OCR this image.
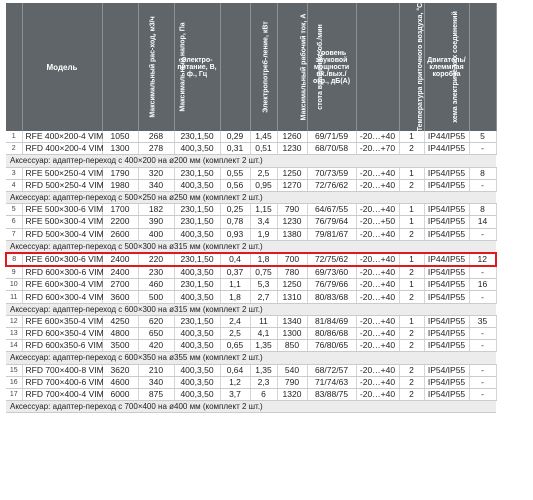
	Модель	Максимальный рас-ход, м3/ч	Максимальный напор, Па	Электро-питание, В, ф., Гц	Электропотреб-ление, кВт	Максимальный рабочий ток, А	стота вращения, об./мин	Уровень звуковой мощности вх./вых./окр., дБ(А)	Температура приточного воздуха, °С	хема электриче-ких соединений	Двигатель/клеммная коробка	Конденсатор, мкф
1	RFE 400×200-4 VIM	1050	268	230,1,50	0,29	1,45	1260	69/71/59	-20…+40	1	IP44/IP55	5
2	RFD 400×200-4 VIM	1300	278	400,3,50	0,31	0,51	1230	68/70/58	-20…+70	2	IP44/IP55	-
Аксессуар: адаптер-переход с 400×200 на ø200 мм (комплект 2 шт.)												
3	RFE 500×250-4 VIM	1790	320	230,1,50	0,55	2,5	1250	70/73/59	-20…+40	1	IP54/IP55	8
4	RFD 500×250-4 VIM	1980	340	400,3,50	0,56	0,95	1270	72/76/62	-20…+40	2	IP54/IP55	-
Аксессуар: адаптер-переход с 500×250 на ø250 мм (комплект 2 шт.)												
5	RFE 500×300-6 VIM	1700	182	230,1,50	0,25	1,15	790	64/67/55	-20…+40	1	IP54/IP55	8
6	RFE 500×300-4 VIM	2200	390	230,1,50	0,78	3,4	1230	76/79/64	-20…+50	1	IP54/IP55	14
7	RFD 500×300-4 VIM	2600	400	400,3,50	0,93	1,9	1380	79/81/67	-20…+40	2	IP54/IP55	-
Аксессуар: адаптер-переход с 500×300 на ø315 мм (комплект 2 шт.)												
8	RFE 600×300-6 VIM	2400	220	230,1,50	0,4	1,8	700	72/75/62	-20…+40	1	IP44/IP55	12
9	RFD 600×300-6 VIM	2400	230	400,3,50	0,37	0,75	780	69/73/60	-20…+40	2	IP54/IP55	-
10	RFE 600×300-4 VIM	2700	460	230,1,50	1,1	5,3	1250	76/79/66	-20…+40	1	IP54/IP55	16
11	RFD 600×300-4 VIM	3600	500	400,3,50	1,8	2,7	1310	80/83/68	-20…+40	2	IP54/IP55	-
Аксессуар: адаптер-переход с 600×300 на ø315 мм (комплект 2 шт.)												
12	RFE 600×350-4 VIM	4250	620	230,1,50	2,4	11	1340	81/84/69	-20…+40	1	IP54/IP55	35
13	RFD 600×350-4 VIM	4800	650	400,3,50	2,5	4,1	1300	80/86/68	-20…+40	2	IP54/IP55	-
14	RFD 600х350-6 VIM	3500	420	400,3,50	0,65	1,35	850	76/80/65	-20…+40	2	IP54/IP55	-
Аксессуар: адаптер-переход с 600×350 на ø355 мм (комплект 2 шт.)												
15	RFD 700×400-8 VIM	3620	210	400,3,50	0,64	1,35	540	68/72/57	-20…+40	2	IP54/IP55	-
16	RFD 700×400-6 VIM	4600	340	400,3,50	1,2	2,3	790	71/74/63	-20…+40	2	IP54/IP55	-
17	RFD 700×400-4 VIM	6000	875	400,3,50	3,7	6	1320	83/88/75	-20…+40	2	IP54/IP55	-
Аксессуар: адаптер-переход с 700×400 на ø400 мм (комплект 2 шт.)												
